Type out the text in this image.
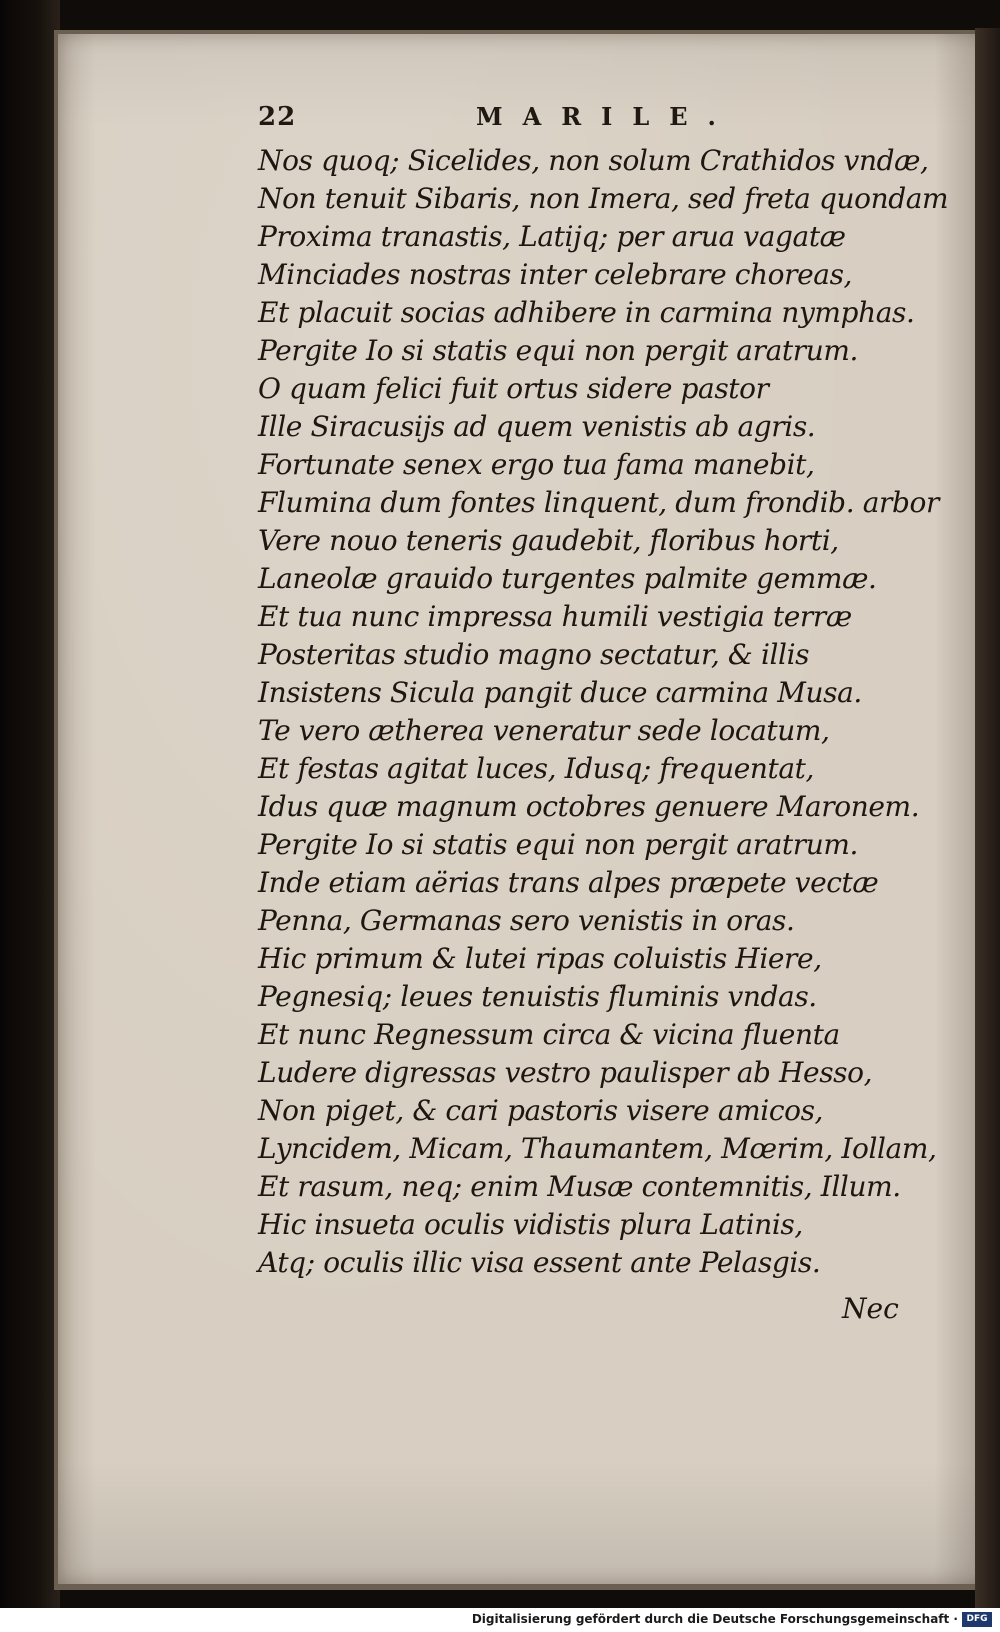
22	MARILE.
Nos quoq; Sicelides, non solum Crathidos vndæ,
Non tenuit Sibaris, non Imera, sed freta quondam
Proxima tranastis, Latijq; per arua vagatæ
Minciades nostras inter celebrare choreas,
Et placuit socias adhibere in carmina nymphas.
Pergite Io si statis equi non pergit aratrum.
O quam felici fuit ortus sidere pastor
Ille Siracusijs ad quem venistis ab agris.
Fortunate senex ergo tua fama manebit,
Flumina dum fontes linquent, dum frondib. arbor
Vere nouo teneris gaudebit, floribus horti,
Laneolæ grauido turgentes palmite gemmæ.
Et tua nunc impressa humili vestigia terræ
Posteritas studio magno sectatur, & illis
Insistens Sicula pangit duce carmina Musa.
Te vero æthereа veneratur sede locatum,
Et festas agitat luces, Idusq; frequentat,
Idus quæ magnum octobres genuere Maronem.
Pergite Io si statis equi non pergit aratrum.
Inde etiam aërias trans alpes præpete vectæ
Penna, Germanas sero venistis in oras.
Hic primum & lutei ripas coluistis Hiere,
Pegnesiq; leues tenuistis fluminis vndas.
Et nunc Regnessum circa & vicina fluenta
Ludere digressas vestro paulisper ab Hesso,
Non piget, & cari pastoris visere amicos,
Lyncidem, Micam, Thaumantem, Mœrim, Iollam,
Et rasum, neq; enim Musæ contemnitis, Illum.
Hic insueta oculis vidistis plura Latinis,
Atq; oculis illic visa essent ante Pelasgis.
Nec
Digitalisierung gefördert durch die Deutsche Forschungsgemeinschaft · DFG
